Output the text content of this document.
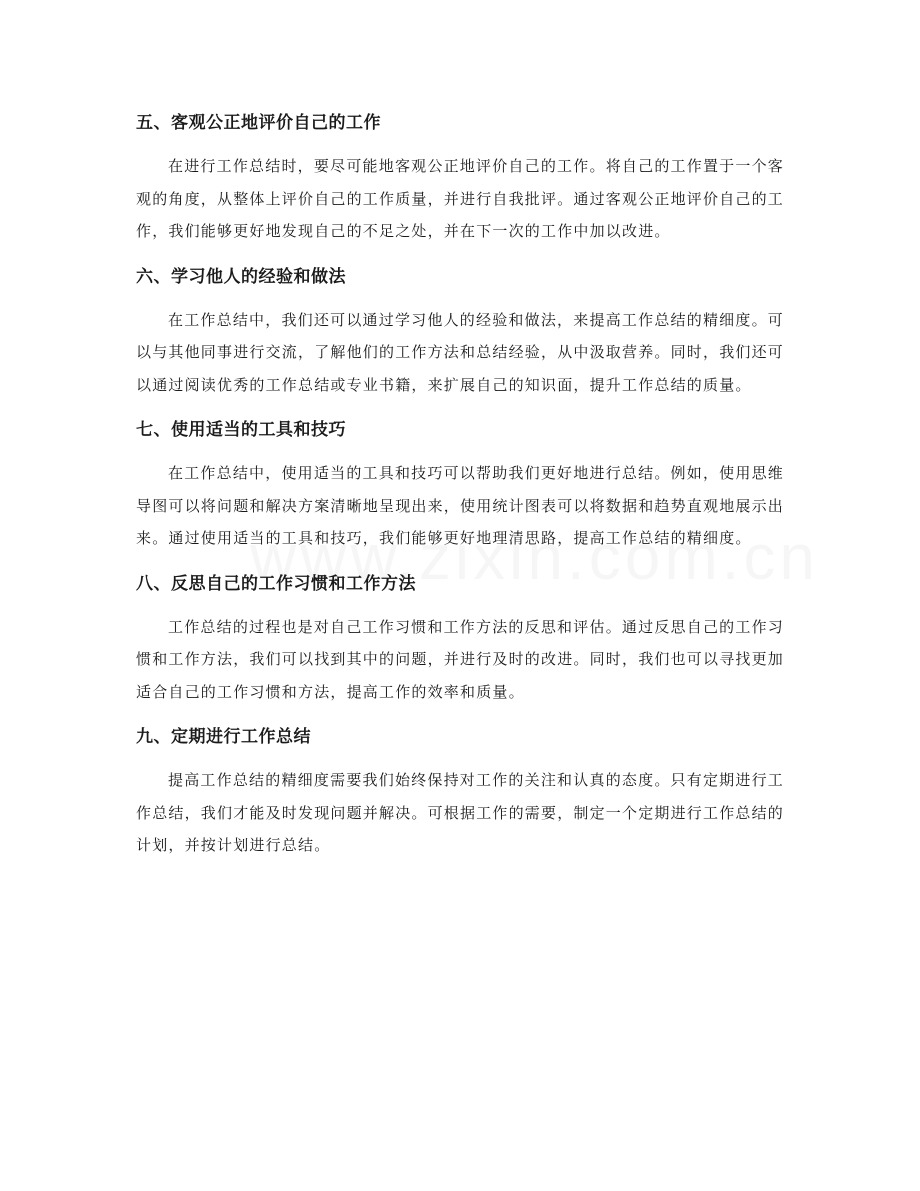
五、客观公正地评价自己的工作

在进行工作总结时，要尽可能地客观公正地评价自己的工作。将自己的工作置于一个客观的角度，从整体上评价自己的工作质量，并进行自我批评。通过客观公正地评价自己的工作，我们能够更好地发现自己的不足之处，并在下一次的工作中加以改进。

六、学习他人的经验和做法

在工作总结中，我们还可以通过学习他人的经验和做法，来提高工作总结的精细度。可以与其他同事进行交流，了解他们的工作方法和总结经验，从中汲取营养。同时，我们还可以通过阅读优秀的工作总结或专业书籍，来扩展自己的知识面，提升工作总结的质量。

七、使用适当的工具和技巧

在工作总结中，使用适当的工具和技巧可以帮助我们更好地进行总结。例如，使用思维导图可以将问题和解决方案清晰地呈现出来，使用统计图表可以将数据和趋势直观地展示出来。通过使用适当的工具和技巧，我们能够更好地理清思路，提高工作总结的精细度。

八、反思自己的工作习惯和工作方法

工作总结的过程也是对自己工作习惯和工作方法的反思和评估。通过反思自己的工作习惯和工作方法，我们可以找到其中的问题，并进行及时的改进。同时，我们也可以寻找更加适合自己的工作习惯和方法，提高工作的效率和质量。

九、定期进行工作总结

提高工作总结的精细度需要我们始终保持对工作的关注和认真的态度。只有定期进行工作总结，我们才能及时发现问题并解决。可根据工作的需要，制定一个定期进行工作总结的计划，并按计划进行总结。
